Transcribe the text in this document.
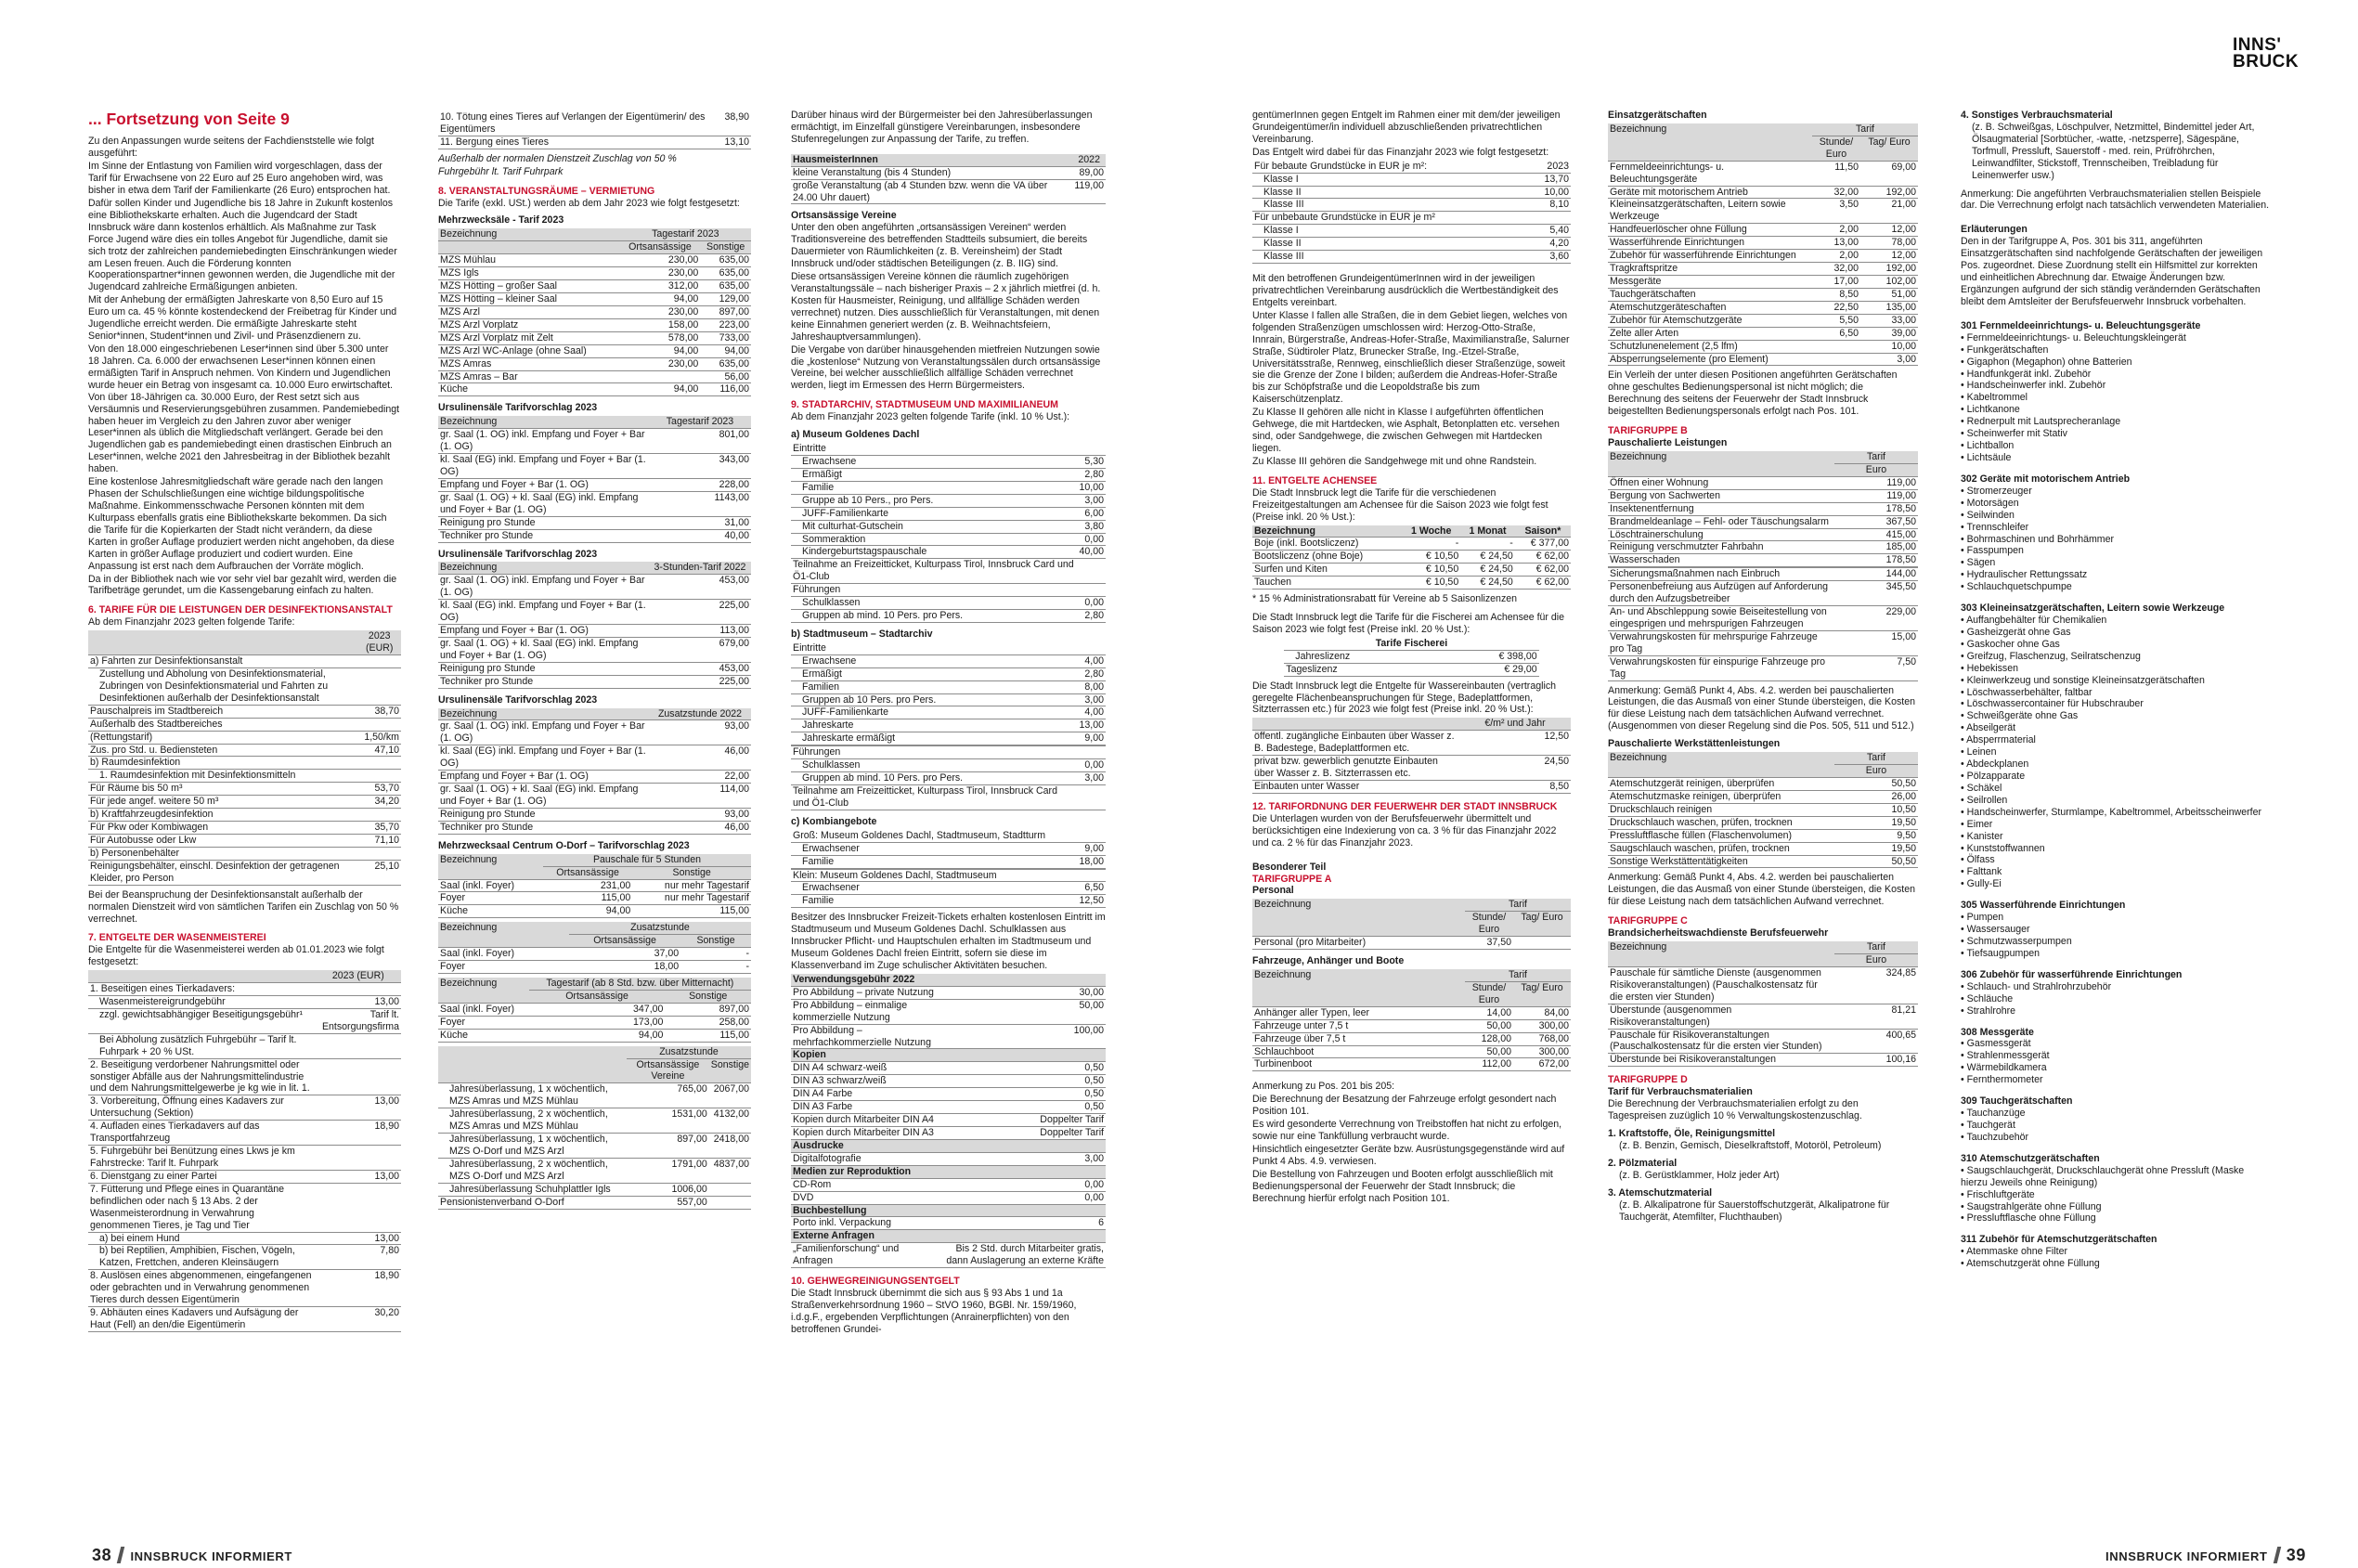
INNS'
BRUCK
... Fortsetzung von Seite 9

Zu den Anpassungen wurde seitens der Fachdienststelle wie folgt ausgeführt:

Im Sinne der Entlastung von Familien wird vorgeschlagen, dass der Tarif für Erwachsene von 22 Euro auf 25 Euro angehoben wird, was bisher in etwa dem Tarif der Familienkarte (26 Euro) entsprochen hat.

Dafür sollen Kinder und Jugendliche bis 18 Jahre in Zukunft kostenlos eine Bibliothekskarte erhalten. Auch die Jugendcard der Stadt Innsbruck wäre dann kostenlos erhältlich. Als Maßnahme zur Task Force Jugend wäre dies ein tolles Angebot für Jugendliche, damit sie sich trotz der zahlreichen pandemiebedingten Einschränkungen wieder am Lesen freuen. Auch die Förderung konnten Kooperationspartner*innen gewonnen werden, die Jugendliche mit der Jugendcard zahlreiche Ermäßigungen anbieten.

Mit der Anhebung der ermäßigten Jahreskarte von 8,50 Euro auf 15 Euro um ca. 45 % könnte kostendeckend der Freibetrag für Kinder und Jugendliche erreicht werden. Die ermäßigte Jahreskarte steht Senior*innen, Student*innen und Zivil- und Präsenzdienern zu.

Von den 18.000 eingeschriebenen Leser*innen sind über 5.300 unter 18 Jahren. Ca. 6.000 der erwachsenen Leser*innen können einen ermäßigten Tarif in Anspruch nehmen. Von Kindern und Jugendlichen wurde heuer ein Betrag von insgesamt ca. 10.000 Euro erwirtschaftet. Von über 18-Jährigen ca. 30.000 Euro, der Rest setzt sich aus Versäumnis und Reservierungsgebühren zusammen. Pandemiebedingt haben heuer im Vergleich zu den Jahren zuvor aber weniger Leser*innen als üblich die Mitgliedschaft verlängert. Gerade bei den Jugendlichen gab es pandemiebedingt einen drastischen Einbruch an Leser*innen, welche 2021 den Jahresbeitrag in der Bibliothek bezahlt haben.

Eine kostenlose Jahresmitgliedschaft wäre gerade nach den langen Phasen der Schulschließungen eine wichtige bildungspolitische Maßnahme. Einkommensschwache Personen könnten mit dem Kulturpass ebenfalls gratis eine Bibliothekskarte bekommen. Da sich die Tarife für die Kopierkarten der Stadt nicht verändern, da diese Karten in großer Auflage produziert werden nicht angehoben, da diese Karten in größer Auflage produziert und codiert wurden. Eine Anpassung ist erst nach dem Aufbrauchen der Vorräte möglich.

Da in der Bibliothek nach wie vor sehr viel bar gezahlt wird, werden die Tarifbeträge gerundet, um die Kassengebarung einfach zu halten.

6. TARIFE FÜR DIE LEISTUNGEN DER DESINFEKTIONSANSTALT

Ab dem Finanzjahr 2023 gelten folgende Tarife:

	2023 (EUR)
a) Fahrten zur Desinfektionsanstalt	
Zustellung und Abholung von Desinfektionsmaterial, Zubringen von Desinfektionsmaterial und Fahrten zu Desinfektionen außerhalb der Desinfektionsanstalt	
Pauschalpreis im Stadtbereich	38,70
Außerhalb des Stadtbereiches	
(Rettungstarif)	1,50/km
Zus. pro Std. u. Bediensteten	47,10
b) Raumdesinfektion	
1. Raumdesinfektion mit Desinfektionsmitteln	
Für Räume bis 50 m³	53,70
Für jede angef. weitere 50 m³	34,20
b) Kraftfahrzeugdesinfektion	
Für Pkw oder Kombiwagen	35,70
Für Autobusse oder Lkw	71,10
b) Personenbehälter	
Reinigungsbehälter, einschl. Desinfektion der getragenen Kleider, pro Person	25,10

Bei der Beanspruchung der Desinfektionsanstalt außerhalb der normalen Dienstzeit wird von sämtlichen Tarifen ein Zuschlag von 50 % verrechnet.

7. ENTGELTE DER WASENMEISTEREI

Die Entgelte für die Wasenmeisterei werden ab 01.01.2023 wie folgt festgesetzt:

	2023 (EUR)
1. Beseitigen eines Tierkadavers:	
Wasenmeistereigrundgebühr	13,00
zzgl. gewichtsabhängiger Beseitigungsgebühr¹	Tarif lt. Entsorgungsfirma
Bei Abholung zusätzlich Fuhrgebühr – Tarif lt. Fuhrpark + 20 % USt.	
2. Beseitigung verdorbener Nahrungsmittel oder sonstiger Abfälle aus der Nahrungsmittelindustrie und dem Nahrungsmittelgewerbe je kg wie in lit. 1.	
3. Vorbereitung, Öffnung eines Kadavers zur Untersuchung (Sektion)	13,00
4. Aufladen eines Tierkadavers auf das Transportfahrzeug	18,90
5. Fuhrgebühr bei Benützung eines Lkws je km Fahrstrecke: Tarif lt. Fuhrpark	
6. Dienstgang zu einer Partei	13,00
7. Fütterung und Pflege eines in Quarantäne befindlichen oder nach § 13 Abs. 2 der Wasenmeisterordnung in Verwahrung genommenen Tieres, je Tag und Tier	
a) bei einem Hund	13,00
b) bei Reptilien, Amphibien, Fischen, Vögeln, Katzen, Frettchen, anderen Kleinsäugern	7,80
8. Auslösen eines abgenommenen, eingefangenen oder gebrachten und in Verwahrung genommenen Tieres durch dessen Eigentümerin	18,90
9. Abhäuten eines Kadavers und Aufsägung der Haut (Fell) an den/die Eigentümerin	30,20
10. Tötung eines Tieres auf Verlangen der Eigentümerin/ des Eigentümers	38,90
11. Bergung eines Tieres	13,10

Außerhalb der normalen Dienstzeit Zuschlag von 50 %

Fuhrgebühr lt. Tarif Fuhrpark

8. VERANSTALTUNGSRÄUME – VERMIETUNG

Die Tarife (exkl. USt.) werden ab dem Jahr 2023 wie folgt festgesetzt:

Mehrzwecksäle - Tarif 2023
Bezeichnung	Tagestarif 2023	
	Ortsansässige	Sonstige
MZS Mühlau	230,00	635,00
MZS Igls	230,00	635,00
MZS Hötting – großer Saal	312,00	635,00
MZS Hötting – kleiner Saal	94,00	129,00
MZS Arzl	230,00	897,00
MZS Arzl Vorplatz	158,00	223,00
MZS Arzl Vorplatz mit Zelt	578,00	733,00
MZS Arzl WC-Anlage (ohne Saal)	94,00	94,00
MZS Amras	230,00	635,00
MZS Amras – Bar		56,00
Küche	94,00	116,00
Ursulinensäle Tarifvorschlag 2023
Bezeichnung	Tagestarif 2023
gr. Saal (1. OG) inkl. Empfang und Foyer + Bar (1. OG)	801,00
kl. Saal (EG) inkl. Empfang und Foyer + Bar (1. OG)	343,00
Empfang und Foyer + Bar (1. OG)	228,00
gr. Saal (1. OG) + kl. Saal (EG) inkl. Empfang und Foyer + Bar (1. OG)	1143,00
Reinigung pro Stunde	31,00
Techniker pro Stunde	40,00
Ursulinensäle Tarifvorschlag 2023
Bezeichnung	3-Stunden-Tarif 2022
gr. Saal (1. OG) inkl. Empfang und Foyer + Bar (1. OG)	453,00
kl. Saal (EG) inkl. Empfang und Foyer + Bar (1. OG)	225,00
Empfang und Foyer + Bar (1. OG)	113,00
gr. Saal (1. OG) + kl. Saal (EG) inkl. Empfang und Foyer + Bar (1. OG)	679,00
Reinigung pro Stunde	453,00
Techniker pro Stunde	225,00
Ursulinensäle Tarifvorschlag 2023
Bezeichnung	Zusatzstunde 2022
gr. Saal (1. OG) inkl. Empfang und Foyer + Bar (1. OG)	93,00
kl. Saal (EG) inkl. Empfang und Foyer + Bar (1. OG)	46,00
Empfang und Foyer + Bar (1. OG)	22,00
gr. Saal (1. OG) + kl. Saal (EG) inkl. Empfang und Foyer + Bar (1. OG)	114,00
Reinigung pro Stunde	93,00
Techniker pro Stunde	46,00
Mehrzwecksaal Centrum O-Dorf – Tarifvorschlag 2023
Bezeichnung	Pauschale für 5 Stunden	
	Ortsansässige	Sonstige
Saal (inkl. Foyer)	231,00	nur mehr Tagestarif
Foyer	115,00	nur mehr Tagestarif
Küche	94,00	115,00
Bezeichnung	Zusatzstunde	
	Ortsansässige	Sonstige
Saal (inkl. Foyer)	37,00	-
Foyer	18,00	-
Bezeichnung	Tagestarif (ab 8 Std. bzw. über Mitternacht)	
	Ortsansässige	Sonstige
Saal (inkl. Foyer)	347,00	897,00
Foyer	173,00	258,00
Küche	94,00	115,00
	Zusatzstunde	
	Ortsansässige Vereine	Sonstige
Jahresüberlassung, 1 x wöchentlich, MZS Amras und MZS Mühlau	765,00	2067,00
Jahresüberlassung, 2 x wöchentlich, MZS Amras und MZS Mühlau	1531,00	4132,00
Jahresüberlassung, 1 x wöchentlich, MZS O-Dorf und MZS Arzl	897,00	2418,00
Jahresüberlassung, 2 x wöchentlich, MZS O-Dorf und MZS Arzl	1791,00	4837,00
Jahresüberlassung Schuhplattler Igls	1006,00	
Pensionistenverband O-Dorf	557,00	

Darüber hinaus wird der Bürgermeister bei den Jahresüberlassungen ermächtigt, im Einzelfall günstigere Vereinbarungen, insbesondere Stufenregelungen zur Anpassung der Tarife, zu treffen.

HausmeisterInnen	2022
kleine Veranstaltung (bis 4 Stunden)	89,00
große Veranstaltung (ab 4 Stunden bzw. wenn die VA über 24.00 Uhr dauert)	119,00
Ortsansässige Vereine

Unter den oben angeführten „ortsansässigen Vereinen“ werden Traditionsvereine des betreffenden Stadtteils subsumiert, die bereits Dauermieter von Räumlichkeiten (z. B. Vereinsheim) der Stadt Innsbruck und/oder städtischen Beteiligungen (z. B. IIG) sind.

Diese ortsansässigen Vereine können die räumlich zugehörigen Veranstaltungssäle – nach bisheriger Praxis – 2 x jährlich mietfrei (d. h. Kosten für Hausmeister, Reinigung, und allfällige Schäden werden verrechnet) nutzen. Dies ausschließlich für Veranstaltungen, mit denen keine Einnahmen generiert werden (z. B. Weihnachtsfeiern, Jahreshauptversammlungen).

Die Vergabe von darüber hinausgehenden mietfreien Nutzungen sowie die „kostenlose“ Nutzung von Veranstaltungssälen durch ortsansässige Vereine, bei welcher ausschließlich allfällige Schäden verrechnet werden, liegt im Ermessen des Herrn Bürgermeisters.

9. STADTARCHIV, STADTMUSEUM UND MAXIMILIANEUM

Ab dem Finanzjahr 2023 gelten folgende Tarife (inkl. 10 % Ust.):

a) Museum Goldenes Dachl
Eintritte	
Erwachsene	5,30
Ermäßigt	2,80
Familie	10,00
Gruppe ab 10 Pers., pro Pers.	3,00
JUFF-Familienkarte	6,00
Mit culturhat-Gutschein	3,80
Sommeraktion	0,00
Kindergeburtstagspauschale	40,00
Teilnahme an Freizeitticket, Kulturpass Tirol, Innsbruck Card und Ö1-Club	
Führungen	
Schulklassen	0,00
Gruppen ab mind. 10 Pers. pro Pers.	2,80
b) Stadtmuseum – Stadtarchiv
Eintritte	
Erwachsene	4,00
Ermäßigt	2,80
Familien	8,00
Gruppen ab 10 Pers. pro Pers.	3,00
JUFF-Familienkarte	4,00
Jahreskarte	13,00
Jahreskarte ermäßigt	9,00

Führungen	
Schulklassen	0,00
Gruppen ab mind. 10 Pers. pro Pers.	3,00
Teilnahme am Freizeitticket, Kulturpass Tirol, Innsbruck Card und Ö1-Club	
c) Kombiangebote
Groß: Museum Goldenes Dachl, Stadtmuseum, Stadtturm	
Erwachsener	9,00
Familie	18,00

Klein: Museum Goldenes Dachl, Stadtmuseum	
Erwachsener	6,50
Familie	12,50

Besitzer des Innsbrucker Freizeit-Tickets erhalten kostenlosen Eintritt im Stadtmuseum und Museum Goldenes Dachl. Schulklassen aus Innsbrucker Pflicht- und Hauptschulen erhalten im Stadtmuseum und Museum Goldenes Dachl freien Eintritt, sofern sie diese im Klassenverband im Zuge schulischer Aktivitäten besuchen.

Verwendungsgebühr 2022	
Pro Abbildung – private Nutzung	30,00
Pro Abbildung – einmalige kommerzielle Nutzung	50,00
Pro Abbildung – mehrfachkommerzielle Nutzung	100,00
Kopien	
DIN A4 schwarz-weiß	0,50
DIN A3 schwarz/weiß	0,50
DIN A4 Farbe	0,50
DIN A3 Farbe	0,50
Kopien durch Mitarbeiter DIN A4	Doppelter Tarif
Kopien durch Mitarbeiter DIN A3	Doppelter Tarif
Ausdrucke	
Digitalfotografie	3,00
Medien zur Reproduktion	
CD-Rom	0,00
DVD	0,00
Buchbestellung	
Porto inkl. Verpackung	6
Externe Anfragen	
„Familienforschung“ und Anfragen	Bis 2 Std. durch Mitarbeiter gratis, dann Auslagerung an externe Kräfte
10. GEHWEGREINIGUNGSENTGELT

Die Stadt Innsbruck übernimmt die sich aus § 93 Abs 1 und 1a Straßenverkehrsordnung 1960 – StVO 1960, BGBl. Nr. 159/1960, i.d.g.F., ergebenden Verpflichtungen (Anrainerpflichten) von den betroffenen Grundei-

gentümerInnen gegen Entgelt im Rahmen einer mit dem/der jeweiligen Grundeigentümer/in individuell abzuschließenden privatrechtlichen Vereinbarung.

Das Entgelt wird dabei für das Finanzjahr 2023 wie folgt festgesetzt:

Für bebaute Grundstücke in EUR je m²:	2023
Klasse I	13,70
Klasse II	10,00
Klasse III	8,10
Für unbebaute Grundstücke in EUR je m²	
Klasse I	5,40
Klasse II	4,20
Klasse III	3,60

Mit den betroffenen GrundeigentümerInnen wird in der jeweiligen privatrechtlichen Vereinbarung ausdrücklich die Wertbeständigkeit des Entgelts vereinbart.

Unter Klasse I fallen alle Straßen, die in dem Gebiet liegen, welches von folgenden Straßenzügen umschlossen wird: Herzog-Otto-Straße, Innrain, Bürgerstraße, Andreas-Hofer-Straße, Maximilianstraße, Salurner Straße, Südtiroler Platz, Brunecker Straße, Ing.-Etzel-Straße, Universitätsstraße, Rennweg, einschließlich dieser Straßenzüge, soweit sie die Grenze der Zone I bilden; außerdem die Andreas-Hofer-Straße bis zur Schöpfstraße und die Leopoldstraße bis zum Kaiserschützenplatz.

Zu Klasse II gehören alle nicht in Klasse I aufgeführten öffentlichen Gehwege, die mit Hartdecken, wie Asphalt, Betonplatten etc. versehen sind, oder Sandgehwege, die zwischen Gehwegen mit Hartdecken liegen.

Zu Klasse III gehören die Sandgehwege mit und ohne Randstein.

11. ENTGELTE ACHENSEE

Die Stadt Innsbruck legt die Tarife für die verschiedenen Freizeitgestaltungen am Achensee für die Saison 2023 wie folgt fest (Preise inkl. 20 % Ust.):

Bezeichnung	1 Woche	1 Monat	Saison*
Boje (inkl. Bootsliczenz)	-	-	€ 377,00
Bootsliczenz (ohne Boje)	€ 10,50	€ 24,50	€ 62,00
Surfen und Kiten	€ 10,50	€ 24,50	€ 62,00
Tauchen	€ 10,50	€ 24,50	€ 62,00

* 15 % Administrationsrabatt für Vereine ab 5 Saisonlizenzen

Die Stadt Innsbruck legt die Tarife für die Fischerei am Achensee für die Saison 2023 wie folgt fest (Preise inkl. 20 % Ust.):

Tarife Fischerei	
Jahreslizenz	€ 398,00
Tageslizenz	€ 29,00

Die Stadt Innsbruck legt die Entgelte für Wassereinbauten (vertraglich geregelte Flächenbeanspruchungen für Stege, Badeplattformen, Sitzterrassen etc.) für 2023 wie folgt fest (Preise inkl. 20 % Ust.):

	€/m² und Jahr
öffentl. zugängliche Einbauten über Wasser z. B. Badestege, Badeplattformen etc.	12,50
privat bzw. gewerblich genutzte Einbauten über Wasser z. B. Sitzterrassen etc.	24,50
Einbauten unter Wasser	8,50
12. TARIFORDNUNG DER FEUERWEHR DER STADT INNSBRUCK

Die Unterlagen wurden von der Berufsfeuerwehr übermittelt und berücksichtigen eine Indexierung von ca. 3 % für das Finanzjahr 2022 und ca. 2 % für das Finanzjahr 2023.

Besonderer Teil
TARIFGRUPPE A
Personal
Bezeichnung	Tarif	
	Stunde/ Euro	Tag/ Euro
Personal (pro Mitarbeiter)	37,50	
Fahrzeuge, Anhänger und Boote
Bezeichnung	Tarif	
	Stunde/ Euro	Tag/ Euro
Anhänger aller Typen, leer	14,00	84,00
Fahrzeuge unter 7,5 t	50,00	300,00
Fahrzeuge über 7,5 t	128,00	768,00
Schlauchboot	50,00	300,00
Turbinenboot	112,00	672,00

Anmerkung zu Pos. 201 bis 205:

Die Berechnung der Besatzung der Fahrzeuge erfolgt gesondert nach Position 101.

Es wird gesonderte Verrechnung von Treibstoffen hat nicht zu erfolgen, sowie nur eine Tankfüllung verbraucht wurde.

Hinsichtlich eingesetzter Geräte bzw. Ausrüstungsgegenstände wird auf Punkt 4 Abs. 4.9. verwiesen.

Die Bestellung von Fahrzeugen und Booten erfolgt ausschließlich mit Bedienungspersonal der Feuerwehr der Stadt Innsbruck; die Berechnung hierfür erfolgt nach Position 101.

Einsatzgerätschaften
Bezeichnung	Tarif	
	Stunde/ Euro	Tag/ Euro
Fernmeldeeinrichtungs- u. Beleuchtungsgeräte	11,50	69,00
Geräte mit motorischem Antrieb	32,00	192,00
Kleineinsatzgerätschaften, Leitern sowie Werkzeuge	3,50	21,00
Handfeuerlöscher ohne Füllung	2,00	12,00
Wasserführende Einrichtungen	13,00	78,00
Zubehör für wasserführende Einrichtungen	2,00	12,00
Tragkraftspritze	32,00	192,00
Messgeräte	17,00	102,00
Tauchgerätschaften	8,50	51,00
Atemschutzgeräteschaften	22,50	135,00
Zubehör für Atemschutzgeräte	5,50	33,00
Zelte aller Arten	6,50	39,00
Schutzlunenelement (2,5 lfm)		10,00
Absperrungselemente (pro Element)		3,00

Ein Verleih der unter diesen Positionen angeführten Gerätschaften ohne geschultes Bedienungspersonal ist nicht möglich; die Berechnung des seitens der Feuerwehr der Stadt Innsbruck beigestellten Bedienungspersonals erfolgt nach Pos. 101.

TARIFGRUPPE B
Pauschalierte Leistungen
Bezeichnung	Tarif
	Euro
Öffnen einer Wohnung	119,00
Bergung von Sachwerten	119,00
Insektenentfernung	178,50
Brandmeldeanlage – Fehl- oder Täuschungsalarm	367,50
Löschtrainerschulung	415,00
Reinigung verschmutzter Fahrbahn	185,00
Wasserschaden	178,50

Sicherungsmaßnahmen nach Einbruch	144,00
Personenbefreiung aus Aufzügen auf Anforderung durch den Aufzugsbetreiber	345,50
An- und Abschleppung sowie Beiseitestellung von eingesprigen und mehrspurigen Fahrzeugen	229,00
Verwahrungskosten für mehrspurige Fahrzeuge pro Tag	15,00
Verwahrungskosten für einspurige Fahrzeuge pro Tag	7,50

Anmerkung: Gemäß Punkt 4, Abs. 4.2. werden bei pauschalierten Leistungen, die das Ausmaß von einer Stunde übersteigen, die Kosten für diese Leistung nach dem tatsächlichen Aufwand verrechnet. (Ausgenommen von dieser Regelung sind die Pos. 505, 511 und 512.)

Pauschalierte Werkstättenleistungen
Bezeichnung	Tarif
	Euro
Atemschutzgerät reinigen, überprüfen	50,50
Atemschutzmaske reinigen, überprüfen	26,00
Druckschlauch reinigen	10,50
Druckschlauch waschen, prüfen, trocknen	19,50
Pressluftflasche füllen (Flaschenvolumen)	9,50
Saugschlauch waschen, prüfen, trocknen	19,50
Sonstige Werkstättentätigkeiten	50,50

Anmerkung: Gemäß Punkt 4, Abs. 4.2. werden bei pauschalierten Leistungen, die das Ausmaß von einer Stunde übersteigen, die Kosten für diese Leistung nach dem tatsächlichen Aufwand verrechnet.

TARIFGRUPPE C
Brandsicherheitswachdienste Berufsfeuerwehr
Bezeichnung	Tarif
	Euro
Pauschale für sämtliche Dienste (ausgenommen Risikoveranstaltungen) (Pauschalkostensatz für die ersten vier Stunden)	324,85
Überstunde (ausgenommen Risikoveranstaltungen)	81,21
Pauschale für Risikoveranstaltungen (Pauschalkostensatz für die ersten vier Stunden)	400,65
Überstunde bei Risikoveranstaltungen	100,16
TARIFGRUPPE D
Tarif für Verbrauchsmaterialien

Die Berechnung der Verbrauchsmaterialien erfolgt zu den Tagespreisen zuzüglich 10 % Verwaltungskostenzuschlag.

1. Kraftstoffe, Öle, Reinigungsmittel

(z. B. Benzin, Gemisch, Dieselkraftstoff, Motoröl, Petroleum)

2. Pölzmaterial

(z. B. Gerüstklammer, Holz jeder Art)

3. Atemschutzmaterial

(z. B. Alkalipatrone für Sauerstoffschutzgerät, Alkalipatrone für Tauchgerät, Atemfilter, Fluchthauben)

4. Sonstiges Verbrauchsmaterial

(z. B. Schweißgas, Löschpulver, Netzmittel, Bindemittel jeder Art, Ölsaugmaterial [Sorbtücher, -watte, -netzsperre], Sägespäne, Torfmull, Pressluft, Sauerstoff - med. rein, Prüfröhrchen, Leinwandfilter, Stickstoff, Trennscheiben, Treibladung für Leinenwerfer usw.)

Anmerkung: Die angeführten Verbrauchsmaterialien stellen Beispiele dar. Die Verrechnung erfolgt nach tatsächlich verwendeten Materialien.

Erläuterungen

Den in der Tarifgruppe A, Pos. 301 bis 311, angeführten Einsatzgerätschaften sind nachfolgende Gerätschaften der jeweiligen Pos. zugeordnet. Diese Zuordnung stellt ein Hilfsmittel zur korrekten und einheitlichen Abrechnung dar. Etwaige Änderungen bzw. Ergänzungen aufgrund der sich ständig verändernden Gerätschaften bleibt dem Amtsleiter der Berufsfeuerwehr Innsbruck vorbehalten.

301 Fernmeldeeinrichtungs- u. Beleuchtungsgeräte
• Fernmeldeeinrichtungs- u. Beleuchtungskleingerät
• Funkgerätschaften
• Gigaphon (Megaphon) ohne Batterien
• Handfunkgerät inkl. Zubehör
• Handscheinwerfer inkl. Zubehör
• Kabeltrommel
• Lichtkanone
• Rednerpult mit Lautsprecheranlage
• Scheinwerfer mit Stativ
• Lichtballon
• Lichtsäule
302 Geräte mit motorischem Antrieb
• Stromerzeuger
• Motorsägen
• Seilwinden
• Trennschleifer
• Bohrmaschinen und Bohrhämmer
• Fasspumpen
• Sägen
• Hydraulischer Rettungssatz
• Schlauchquetschpumpe
303 Kleineinsatzgerätschaften, Leitern sowie Werkzeuge
• Auffangbehälter für Chemikalien
• Gasheizgerät ohne Gas
• Gaskocher ohne Gas
• Greifzug, Flaschenzug, Seilratschenzug
• Hebekissen
• Kleinwerkzeug und sonstige Kleineinsatzgerätschaften
• Löschwasserbehälter, faltbar
• Löschwassercontainer für Hubschrauber
• Schweißgeräte ohne Gas
• Abseilgerät
• Absperrmaterial
• Leinen
• Abdeckplanen
• Pölzapparate
• Schäkel
• Seilrollen
• Handscheinwerfer, Sturmlampe, Kabeltrommel, Arbeitsscheinwerfer
• Eimer
• Kanister
• Kunststoffwannen
• Ölfass
• Falttank
• Gully-Ei
305 Wasserführende Einrichtungen
• Pumpen
• Wassersauger
• Schmutzwasserpumpen
• Tiefsaugpumpen
306 Zubehör für wasserführende Einrichtungen
• Schlauch- und Strahlrohrzubehör
• Schläuche
• Strahlrohre
308 Messgeräte
• Gasmessgerät
• Strahlenmessgerät
• Wärmebildkamera
• Fernthermometer
309 Tauchgerätschaften
• Tauchanzüge
• Tauchgerät
• Tauchzubehör
310 Atemschutzgerätschaften
• Saugschlauchgerät, Druckschlauchgerät ohne Pressluft (Maske hierzu Jeweils ohne Reinigung)
• Frischluftgeräte
• Saugstrahlgeräte ohne Füllung
• Pressluftflasche ohne Füllung
311 Zubehör für Atemschutzgerätschaften
• Atemmaske ohne Filter
• Atemschutzgerät ohne Füllung
38 INNSBRUCK INFORMIERT	INNSBRUCK INFORMIERT 39
